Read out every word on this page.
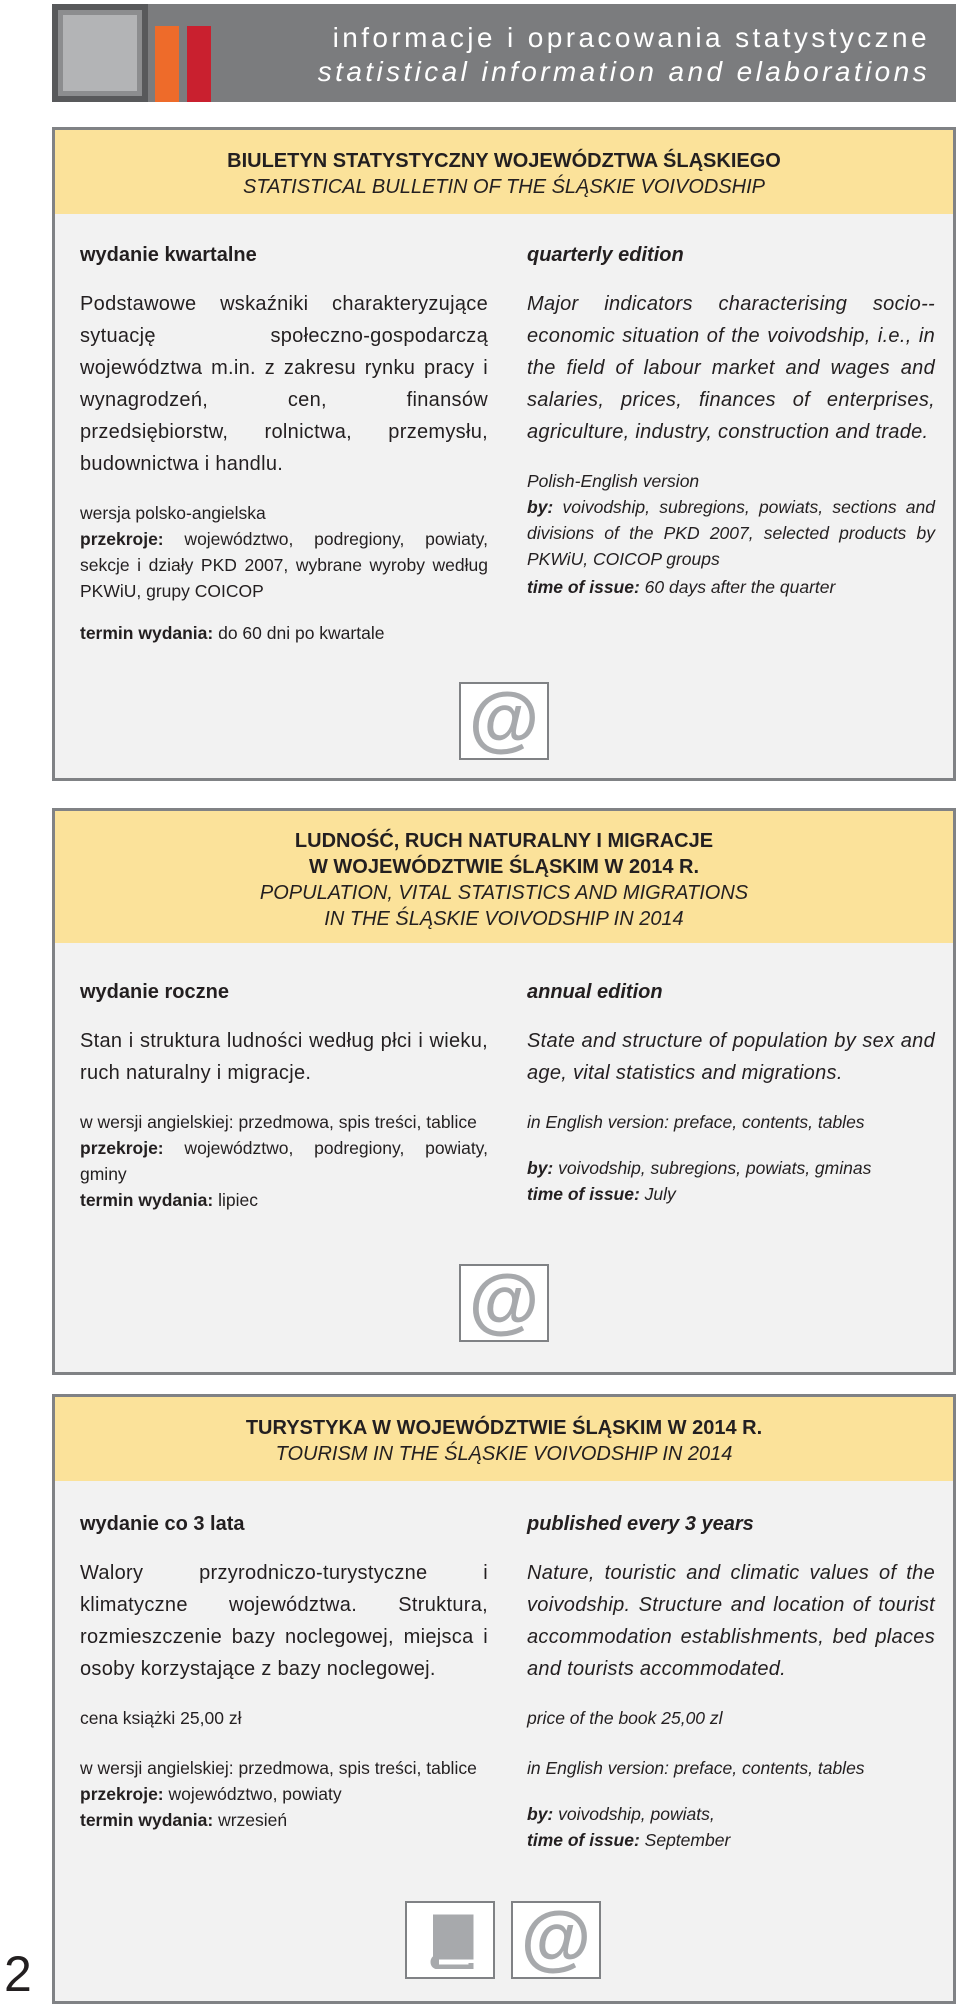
informacje i opracowania statystyczne
statistical information and elaborations
BIULETYN STATYSTYCZNY WOJEWÓDZTWA ŚLĄSKIEGO
STATISTICAL BULLETIN OF THE ŚLĄSKIE VOIVODSHIP
wydanie kwartalne
Podstawowe wskaźniki charakteryzujące sytuację społeczno-gospodarczą województwa m.in. z zakresu rynku pracy i wynagrodzeń, cen, finansów przedsiębiorstw, rolnictwa, przemysłu, budownictwa i handlu.
wersja polsko-angielska
przekroje: województwo, podregiony, powiaty, sekcje i działy PKD 2007, wybrane wyroby według PKWiU, grupy COICOP
termin wydania: do 60 dni po kwartale
quarterly edition
Major indicators characterising socio--economic situation of the voivodship, i.e., in the field of labour market and wages and salaries, prices, finances of enterprises, agriculture, industry, construction and trade.
Polish-English version
by: voivodship, subregions, powiats, sections and divisions of the PKD 2007, selected products by PKWiU, COICOP groups
time of issue: 60 days after the quarter
@
LUDNOŚĆ, RUCH NATURALNY I MIGRACJE
W WOJEWÓDZTWIE ŚLĄSKIM W 2014 R.
POPULATION, VITAL STATISTICS AND MIGRATIONS
IN THE ŚLĄSKIE VOIVODSHIP IN 2014
wydanie roczne
Stan i struktura ludności według płci i wieku, ruch naturalny i migracje.
w wersji angielskiej: przedmowa, spis treści, tablice
przekroje: województwo, podregiony, powiaty, gminy
termin wydania: lipiec
annual edition
State and structure of population by sex and age, vital statistics and migrations.
in English version: preface, contents, tables
by: voivodship, subregions, powiats, gminas
time of issue: July
@
TURYSTYKA W WOJEWÓDZTWIE ŚLĄSKIM W 2014 R.
TOURISM IN THE ŚLĄSKIE VOIVODSHIP IN 2014
wydanie co 3 lata
Walory przyrodniczo-turystyczne i klimatyczne województwa. Struktura, rozmieszczenie bazy noclegowej, miejsca i osoby korzystające z bazy noclegowej.
cena książki 25,00 zł
w wersji angielskiej: przedmowa, spis treści, tablice
przekroje: województwo, powiaty
termin wydania: wrzesień
published every 3 years
Nature, touristic and climatic values of the voivodship. Structure and location of tourist accommodation establishments, bed places and tourists accommodated.
price of the book 25,00 zl
in English version: preface, contents, tables
by: voivodship, powiats,
time of issue: September
@
2
